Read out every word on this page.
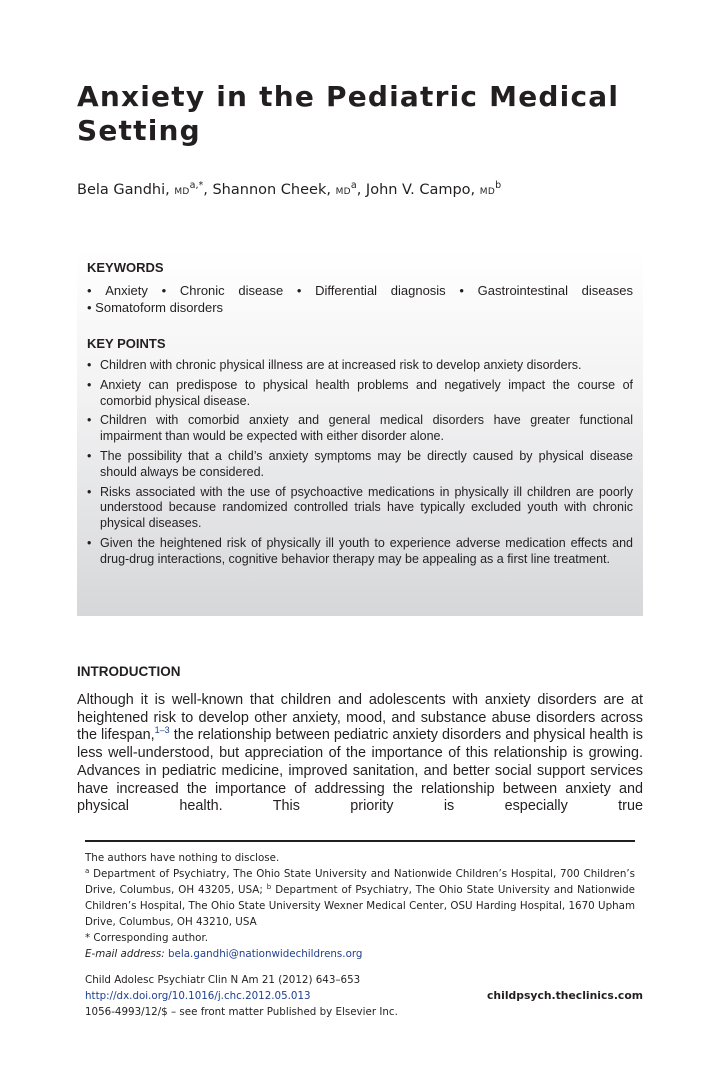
Anxiety in the Pediatric Medical Setting
Bela Gandhi, $MD^{a,*}$, Shannon Cheek, $MD^a$, John V. Campo, $MD^b$
KEYWORDS
• Anxiety • Chronic disease • Differential diagnosis • Gastrointestinal diseases
• Somatoform disorders
KEY POINTS
• Children with chronic physical illness are at increased risk to develop anxiety disorders.
• Anxiety can predispose to physical health problems and negatively impact the course of comorbid physical disease.
• Children with comorbid anxiety and general medical disorders have greater functional impairment than would be expected with either disorder alone.
• The possibility that a child’s anxiety symptoms may be directly caused by physical disease should always be considered.
• Risks associated with the use of psychoactive medications in physically ill children are poorly understood because randomized controlled trials have typically excluded youth with chronic physical diseases.
• Given the heightened risk of physically ill youth to experience adverse medication effects and drug-drug interactions, cognitive behavior therapy may be appealing as a first line treatment.
INTRODUCTION

Although it is well-known that children and adolescents with anxiety disorders are at heightened risk to develop other anxiety, mood, and substance abuse disorders across the lifespan,$^{1-3}$ the relationship between pediatric anxiety disorders and physical health is less well-understood, but appreciation of the importance of this relationship is growing. Advances in pediatric medicine, improved sanitation, and better social support services have increased the importance of addressing the relationship between anxiety and physical health. This priority is especially true

The authors have nothing to disclose.

$^a$ Department of Psychiatry, The Ohio State University and Nationwide Children’s Hospital, 700 Children’s Drive, Columbus, OH 43205, USA; $^b$ Department of Psychiatry, The Ohio State University and Nationwide Children’s Hospital, The Ohio State University Wexner Medical Center, OSU Harding Hospital, 1670 Upham Drive, Columbus, OH 43210, USA

* Corresponding author.

E-mail address: bela.gandhi@nationwidechildrens.org

Child Adolesc Psychiatr Clin N Am 21 (2012) 643–653

http://dx.doi.org/10.1016/j.chc.2012.05.013

1056-4993/12/$ – see front matter Published by Elsevier Inc.

childpsych.theclinics.com
